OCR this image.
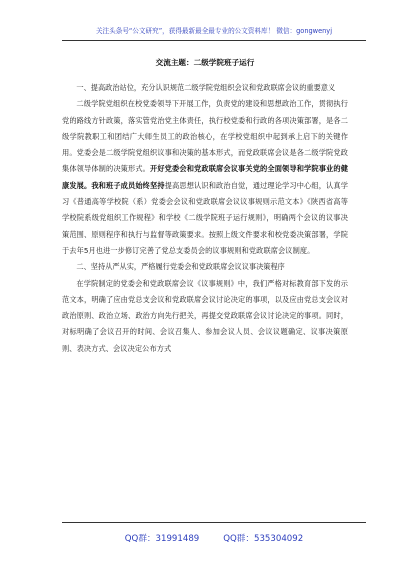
关注头条号“公文研究”，获得最新最全最专业的公文资料库！ 微信：gongwenyj
交流主题：二级学院班子运行

一、提高政治站位，充分认识规范二级学院党组织会议和党政联席会议的重要意义

二级学院党组织在校党委领导下开展工作，负责党的建设和思想政治工作，贯彻执行党的路线方针政策，落实管党治党主体责任，执行校党委和行政的各项决策部署，是各二级学院教职工和团结广大师生员工的政治核心，在学校党组织中起到承上启下的关键作用。党委会是二级学院党组织议事和决策的基本形式，而党政联席会议是各二级学院党政集体领导体制的决策形式。开好党委会和党政联席会议事关党的全面领导和学院事业的健康发展。我和班子成员始终坚持提高思想认识和政治自觉，通过理论学习中心组，认真学习《普通高等学校院（系）党委会会议和党政联席会议议事规则示范文本》《陕西省高等学校院系级党组织工作规程》和学校《二级学院班子运行规则》，明确两个会议的议事决策范围、原则程序和执行与监督等政策要求。按照上级文件要求和校党委决策部署，学院于去年5月也进一步修订完善了党总支委员会的议事规则和党政联席会议制度。

二、坚持从严从实，严格履行党委会和党政联席会议议事决策程序

在学院制定的党委会和党政联席会议《议事规则》中，我们严格对标教育部下发的示范文本，明确了应由党总支会议和党政联席会议讨论决定的事项，以及应由党总支会议对政治原则、政治立场、政治方向先行把关，再提交党政联席会议讨论决定的事项。同时，对标明确了会议召开的时间、会议召集人、参加会议人员、会议议题确定、议事决策原则、表决方式、会议决定公布方式

QQ群：31991489	QQ群：535304092
